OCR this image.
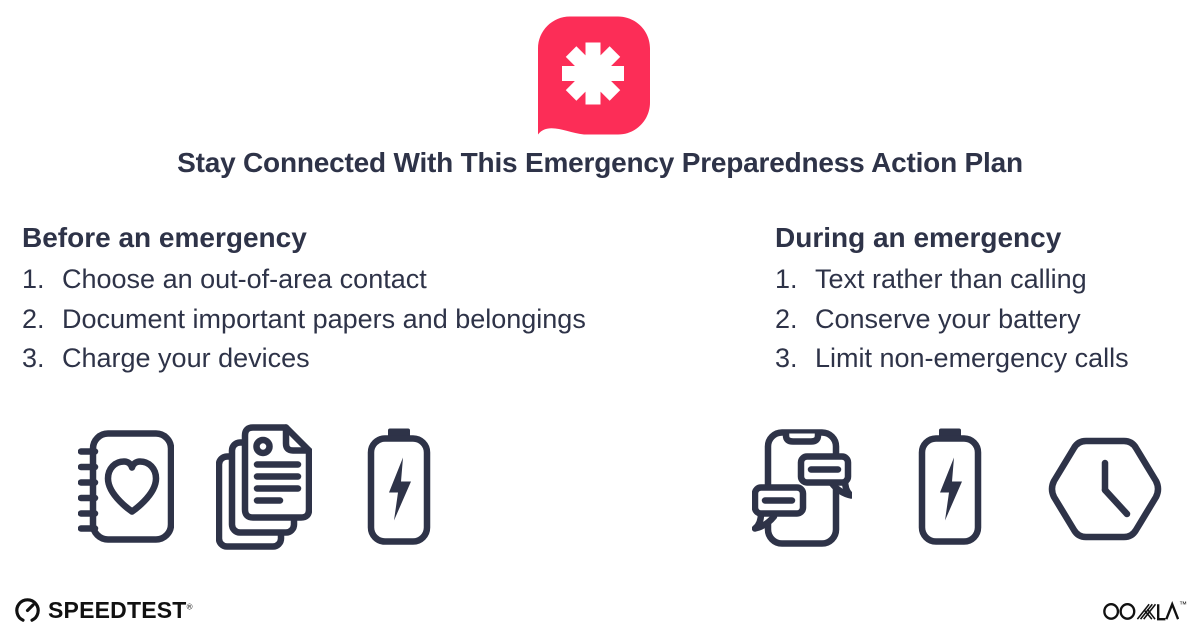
Stay Connected With This Emergency Preparedness Action Plan
Before an emergency
1. Choose an out-of-area contact
2. Document important papers and belongings
3. Charge your devices
During an emergency
1. Text rather than calling
2. Conserve your battery
3. Limit non-emergency calls
SPEEDTEST®	™
